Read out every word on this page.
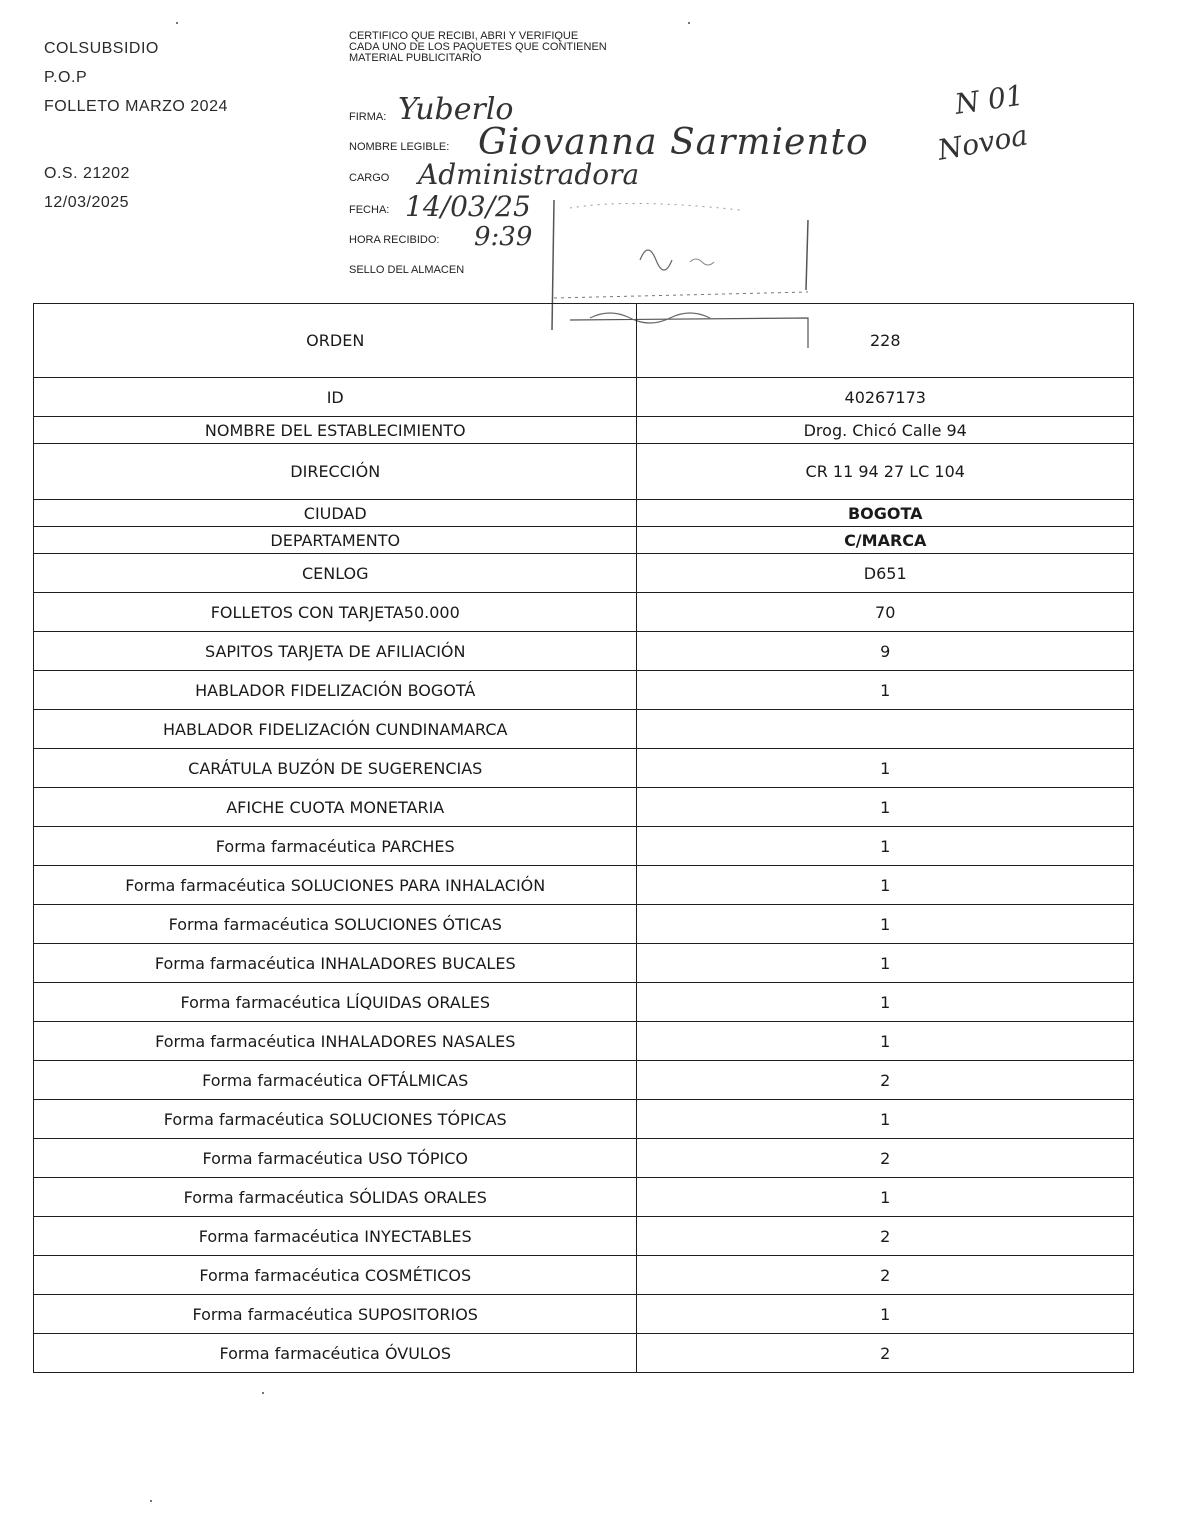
COLSUBSIDIO
P.O.P
FOLLETO MARZO 2024
O.S. 21202
12/03/2025
CERTIFICO QUE RECIBI, ABRI Y VERIFIQUE CADA UNO DE LOS PAQUETES QUE CONTIENEN MATERIAL PUBLICITARIO
FIRMA:
NOMBRE LEGIBLE:
CARGO
FECHA:
HORA RECIBIDO:
SELLO DEL ALMACEN
Yuberlo
Giovanna Sarmiento
Administradora
14/03/25
9:39
N 01
Novoa
ORDEN	228
ID	40267173
NOMBRE DEL ESTABLECIMIENTO	Drog. Chicó Calle 94
DIRECCIÓN	CR 11 94 27 LC 104
CIUDAD	BOGOTA
DEPARTAMENTO	C/MARCA
CENLOG	D651
FOLLETOS CON TARJETA50.000	70
SAPITOS TARJETA DE AFILIACIÓN	9
HABLADOR FIDELIZACIÓN BOGOTÁ	1
HABLADOR FIDELIZACIÓN CUNDINAMARCA	
CARÁTULA BUZÓN DE SUGERENCIAS	1
AFICHE CUOTA MONETARIA	1
Forma farmacéutica PARCHES	1
Forma farmacéutica SOLUCIONES PARA INHALACIÓN	1
Forma farmacéutica SOLUCIONES ÓTICAS	1
Forma farmacéutica INHALADORES BUCALES	1
Forma farmacéutica LÍQUIDAS ORALES	1
Forma farmacéutica INHALADORES NASALES	1
Forma farmacéutica OFTÁLMICAS	2
Forma farmacéutica SOLUCIONES TÓPICAS	1
Forma farmacéutica USO TÓPICO	2
Forma farmacéutica SÓLIDAS ORALES	1
Forma farmacéutica INYECTABLES	2
Forma farmacéutica COSMÉTICOS	2
Forma farmacéutica SUPOSITORIOS	1
Forma farmacéutica ÓVULOS	2
